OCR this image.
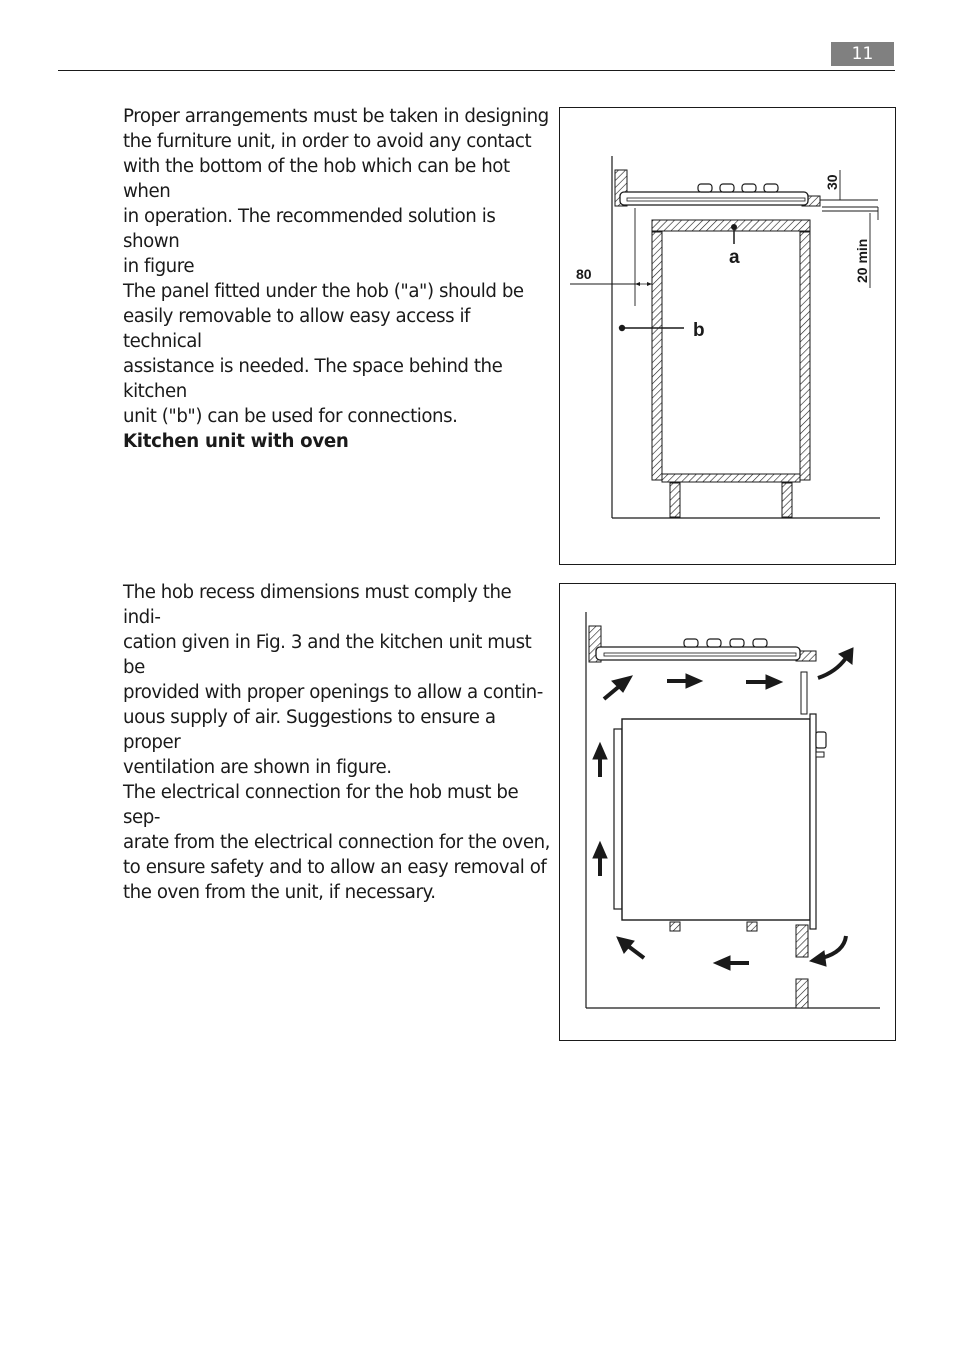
11

Proper arrangements must be taken in designing

the furniture unit, in order to avoid any contact

with the bottom of the hob which can be hot when

in operation. The recommended solution is shown

in figure

The panel fitted under the hob ("a") should be

easily removable to allow easy access if technical

assistance is needed. The space behind the kitchen

unit ("b") can be used for connections.

Kitchen unit with oven

The hob recess dimensions must comply the indi-

cation given in Fig. 3 and the kitchen unit must be

provided with proper openings to allow a contin-

uous supply of air. Suggestions to ensure a proper

ventilation are shown in figure.

The electrical connection for the hob must be sep-

arate from the electrical connection for the oven,

to ensure safety and to allow an easy removal of

the oven from the unit, if necessary.

a
b
80
30
20 min
